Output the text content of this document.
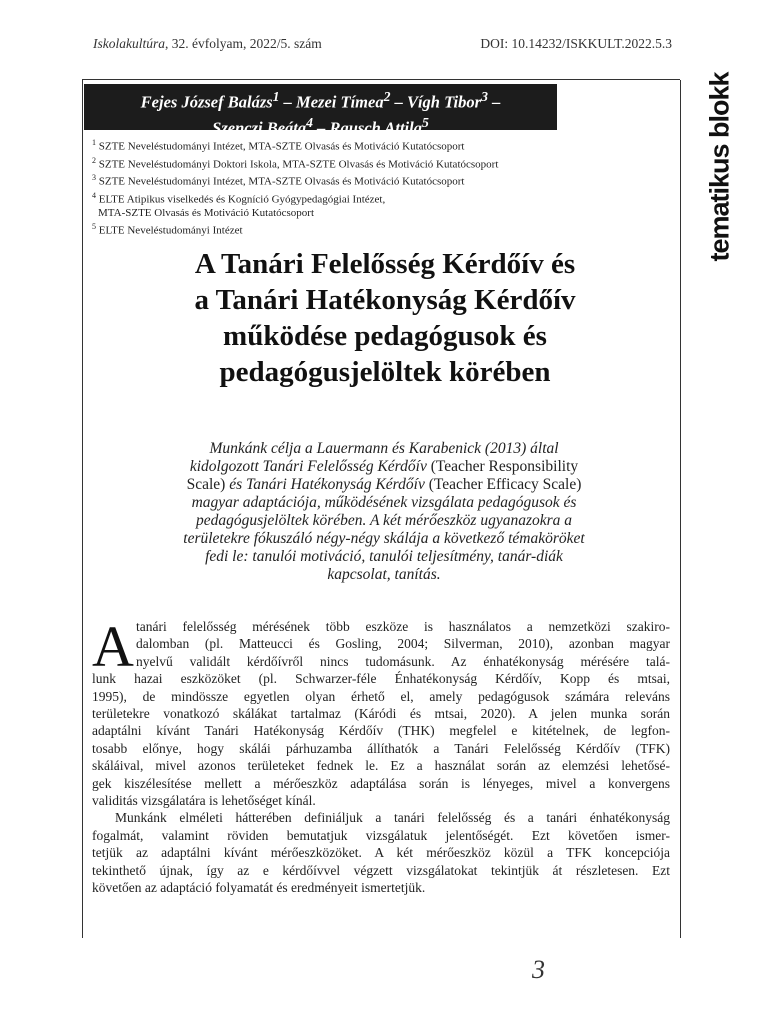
Iskolakultúra, 32. évfolyam, 2022/5. szám	DOI: 10.14232/ISKKULT.2022.5.3
Fejes József Balázs$^1$ – Mezei Tímea$^2$ – Vígh Tibor$^3$ –
Szenczi Beáta$^4$ – Rausch Attila$^5$
$^1$ SZTE Neveléstudományi Intézet, MTA-SZTE Olvasás és Motiváció Kutatócsoport
$^2$ SZTE Neveléstudományi Doktori Iskola, MTA-SZTE Olvasás és Motiváció Kutatócsoport
$^3$ SZTE Neveléstudományi Intézet, MTA-SZTE Olvasás és Motiváció Kutatócsoport
$^4$ ELTE Atipikus viselkedés és Kogníció Gyógypedagógiai Intézet,
MTA-SZTE Olvasás és Motiváció Kutatócsoport
$^5$ ELTE Neveléstudományi Intézet	tematikus blokk
A Tanári Felelősség Kérdőív és
a Tanári Hatékonyság Kérdőív
működése pedagógusok és
pedagógusjelöltek körében
Munkánk célja a Lauermann és Karabenick (2013) által
kidolgozott Tanári Felelősség Kérdőív (Teacher Responsibility
Scale) és Tanári Hatékonyság Kérdőív (Teacher Efficacy Scale)
magyar adaptációja, működésének vizsgálata pedagógusok és
pedagógusjelöltek körében. A két mérőeszköz ugyanazokra a
területekre fókuszáló négy-négy skálája a következő témaköröket
fedi le: tanulói motiváció, tanulói teljesítmény, tanár-diák
kapcsolat, tanítás.
A tanári felelősség mérésének több eszköze is használatos a nemzetközi szakiro-
dalomban (pl. Matteucci és Gosling, 2004; Silverman, 2010), azonban magyar
nyelvű validált kérdőívről nincs tudomásunk. Az énhatékonyság mérésére talá-
lunk hazai eszközöket (pl. Schwarzer-féle Énhatékonyság Kérdőív, Kopp és mtsai,
1995), de mindössze egyetlen olyan érhető el, amely pedagógusok számára releváns
területekre vonatkozó skálákat tartalmaz (Káródi és mtsai, 2020). A jelen munka során
adaptálni kívánt Tanári Hatékonyság Kérdőív (THK) megfelel e kitételnek, de legfon-
tosabb előnye, hogy skálái párhuzamba állíthatók a Tanári Felelősség Kérdőív (TFK)
skáláival, mivel azonos területeket fednek le. Ez a használat során az elemzési lehetősé-
gek kiszélesítése mellett a mérőeszköz adaptálása során is lényeges, mivel a konvergens
validitás vizsgálatára is lehetőséget kínál.
Munkánk elméleti hátterében definiáljuk a tanári felelősség és a tanári énhatékonyság
fogalmát, valamint röviden bemutatjuk vizsgálatuk jelentőségét. Ezt követően ismer-
tetjük az adaptálni kívánt mérőeszközöket. A két mérőeszköz közül a TFK koncepciója
tekinthető újnak, így az e kérdőívvel végzett vizsgálatokat tekintjük át részletesen. Ezt
követően az adaptáció folyamatát és eredményeit ismertetjük.
3
